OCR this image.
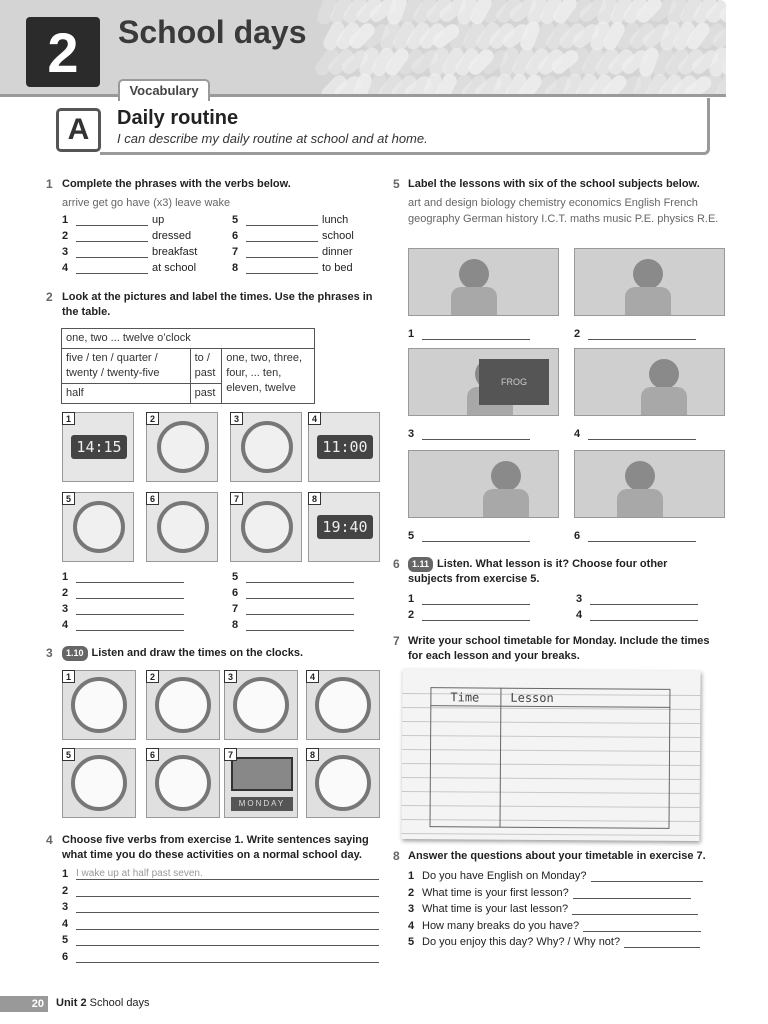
2	School days
Vocabulary
A	Daily routine
I can describe my daily routine at school and at home.
1 Complete the phrases with the verbs below.
arrive get go have (x3) leave wake
1	up	5	lunch
2	dressed	6	school
3	breakfast	7	dinner
4	at school	8	to bed
2 Look at the pictures and label the times. Use the phrases in the table.
one, two ... twelve o’clock		
five / ten / quarter / twenty / twenty-five	to / past	one, two, three, four, ... ten, eleven, twelve
half	past	
14:15
1	2	3
11:00
4
5	6	7
19:40
8
1	5
2	6
3	7
4	8
3	1.10 Listen and draw the times on the clocks.
1	2	3	4
5	6
MONDAY
7	8
4 Choose five verbs from exercise 1. Write sentences saying what time you do these activities on a normal school day.
1 I wake up at half past seven.
2
3
4
5
6
5 Label the lessons with six of the school subjects below.
art and design biology chemistry economics English French geography German history I.C.T. maths music P.E. physics R.E.
1	2
FROG
3	4
5	6
6	1.11 Listen. What lesson is it? Choose four other subjects from exercise 5.
1	3
2	4
7 Write your school timetable for Monday. Include the times for each lesson and your breaks.
Time	Lesson
8 Answer the questions about your timetable in exercise 7.
1 Do you have English on Monday?
2 What time is your first lesson?
3 What time is your last lesson?
4 How many breaks do you have?
5 Do you enjoy this day? Why? / Why not?
20	Unit 2 School days
